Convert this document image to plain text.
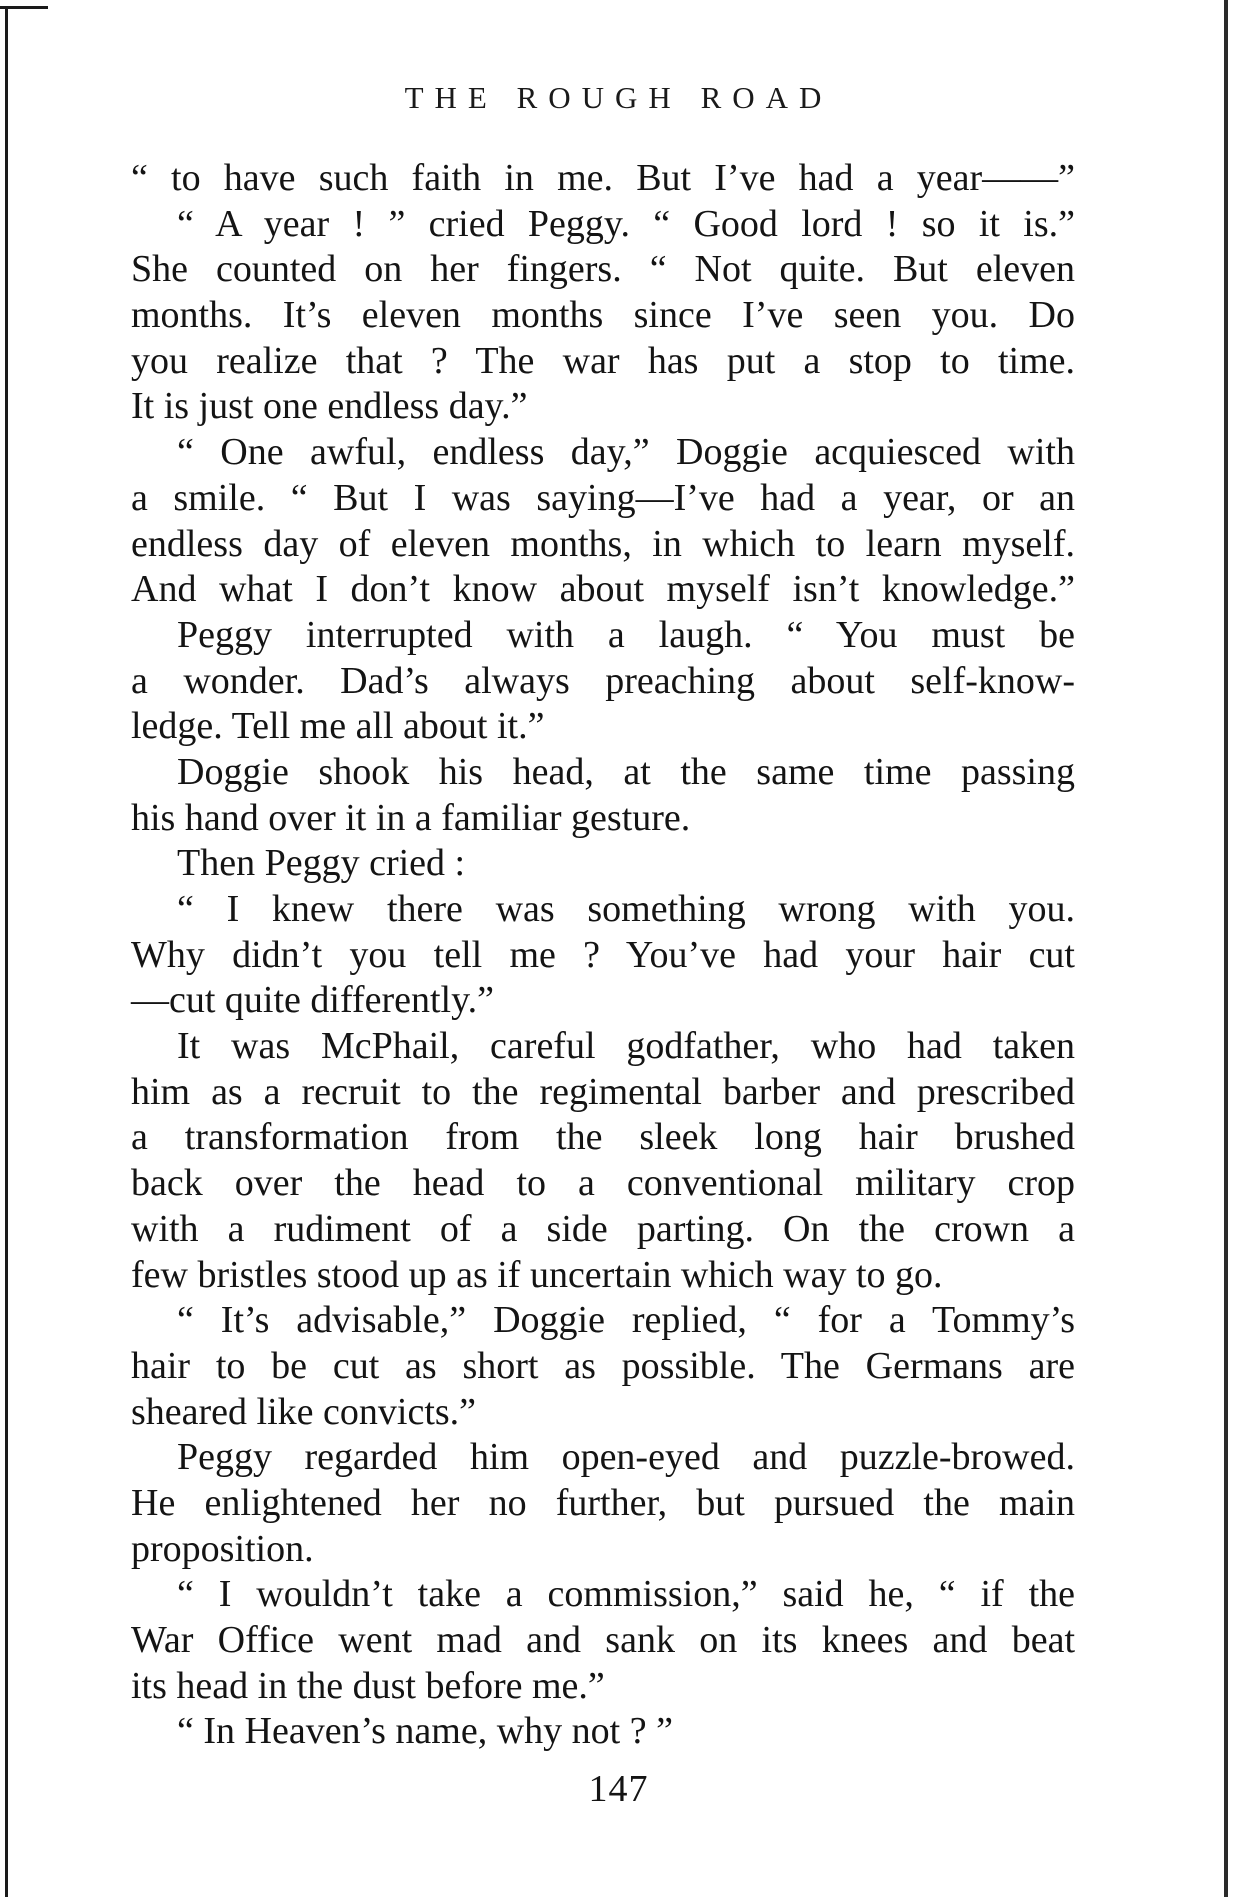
THE ROUGH ROAD
“ to have such faith in me. But I’ve had a year——”
“ A year ! ” cried Peggy. “ Good lord ! so it is.”
She counted on her fingers. “ Not quite. But eleven
months. It’s eleven months since I’ve seen you. Do
you realize that ? The war has put a stop to time.
It is just one endless day.”
“ One awful, endless day,” Doggie acquiesced with
a smile. “ But I was saying—I’ve had a year, or an
endless day of eleven months, in which to learn myself.
And what I don’t know about myself isn’t knowledge.”
Peggy interrupted with a laugh. “ You must be
a wonder. Dad’s always preaching about self-know-
ledge. Tell me all about it.”
Doggie shook his head, at the same time passing
his hand over it in a familiar gesture.
Then Peggy cried :
“ I knew there was something wrong with you.
Why didn’t you tell me ? You’ve had your hair cut
—cut quite differently.”
It was McPhail, careful godfather, who had taken
him as a recruit to the regimental barber and prescribed
a transformation from the sleek long hair brushed
back over the head to a conventional military crop
with a rudiment of a side parting. On the crown a
few bristles stood up as if uncertain which way to go.
“ It’s advisable,” Doggie replied, “ for a Tommy’s
hair to be cut as short as possible. The Germans are
sheared like convicts.”
Peggy regarded him open-eyed and puzzle-browed.
He enlightened her no further, but pursued the main
proposition.
“ I wouldn’t take a commission,” said he, “ if the
War Office went mad and sank on its knees and beat
its head in the dust before me.”
“ In Heaven’s name, why not ? ”
147
